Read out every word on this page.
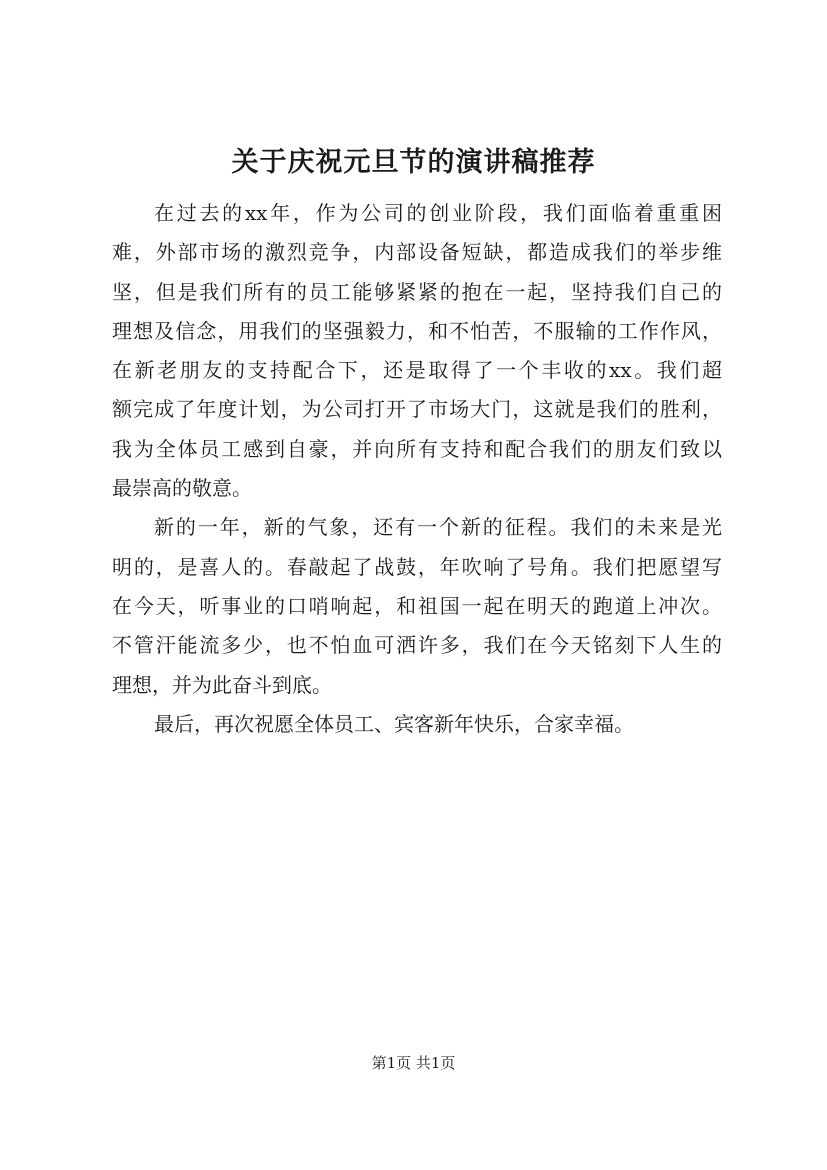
关于庆祝元旦节的演讲稿推荐
在过去的xx年，作为公司的创业阶段，我们面临着重重困
难，外部市场的激烈竞争，内部设备短缺，都造成我们的举步维
坚，但是我们所有的员工能够紧紧的抱在一起，坚持我们自己的
理想及信念，用我们的坚强毅力，和不怕苦，不服输的工作作风，
在新老朋友的支持配合下，还是取得了一个丰收的xx。我们超
额完成了年度计划，为公司打开了市场大门，这就是我们的胜利，
我为全体员工感到自豪，并向所有支持和配合我们的朋友们致以
最崇高的敬意。
新的一年，新的气象，还有一个新的征程。我们的未来是光
明的，是喜人的。春敲起了战鼓，年吹响了号角。我们把愿望写
在今天，听事业的口哨响起，和祖国一起在明天的跑道上冲次。
不管汗能流多少，也不怕血可洒许多，我们在今天铭刻下人生的
理想，并为此奋斗到底。
最后，再次祝愿全体员工、宾客新年快乐，合家幸福。
第1页 共1页
